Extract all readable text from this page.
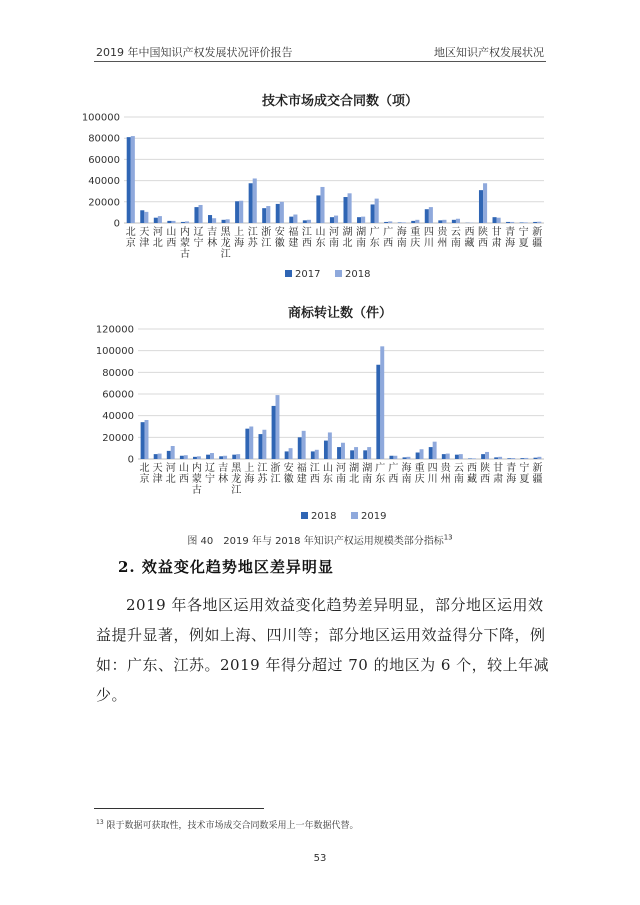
2019 年中国知识产权发展状况评价报告	地区知识产权发展状况
技术市场成交合同数（项）
0
20000
40000
60000
80000
100000
北京
天津
河北
山西
内蒙古
辽宁
吉林
黑龙江
上海
江苏
浙江
安徽
福建
江西
山东
河南
湖北
湖南
广东
广西
海南
重庆
四川
贵州
云南
西藏
陕西
甘肃
青海
宁夏
新疆
2017 2018
商标转让数（件）
0
20000
40000
60000
80000
100000
120000
北京
天津
河北
山西
内蒙古
辽宁
吉林
黑龙江
上海
江苏
浙江
安徽
福建
江西
山东
河南
湖北
湖南
广东
广西
海南
重庆
四川
贵州
云南
西藏
陕西
甘肃
青海
宁夏
新疆
2018 2019
图 40　2019 年与 2018 年知识产权运用规模类部分指标$^{13}$
2. 效益变化趋势地区差异明显
2019 年各地区运用效益变化趋势差异明显，部分地区运用效益提升显著，例如上海、四川等；部分地区运用效益得分下降，例如：广东、江苏。2019 年得分超过 70 的地区为 6 个，较上年减少。
$^{13}$ 限于数据可获取性，技术市场成交合同数采用上一年数据代替。
53
